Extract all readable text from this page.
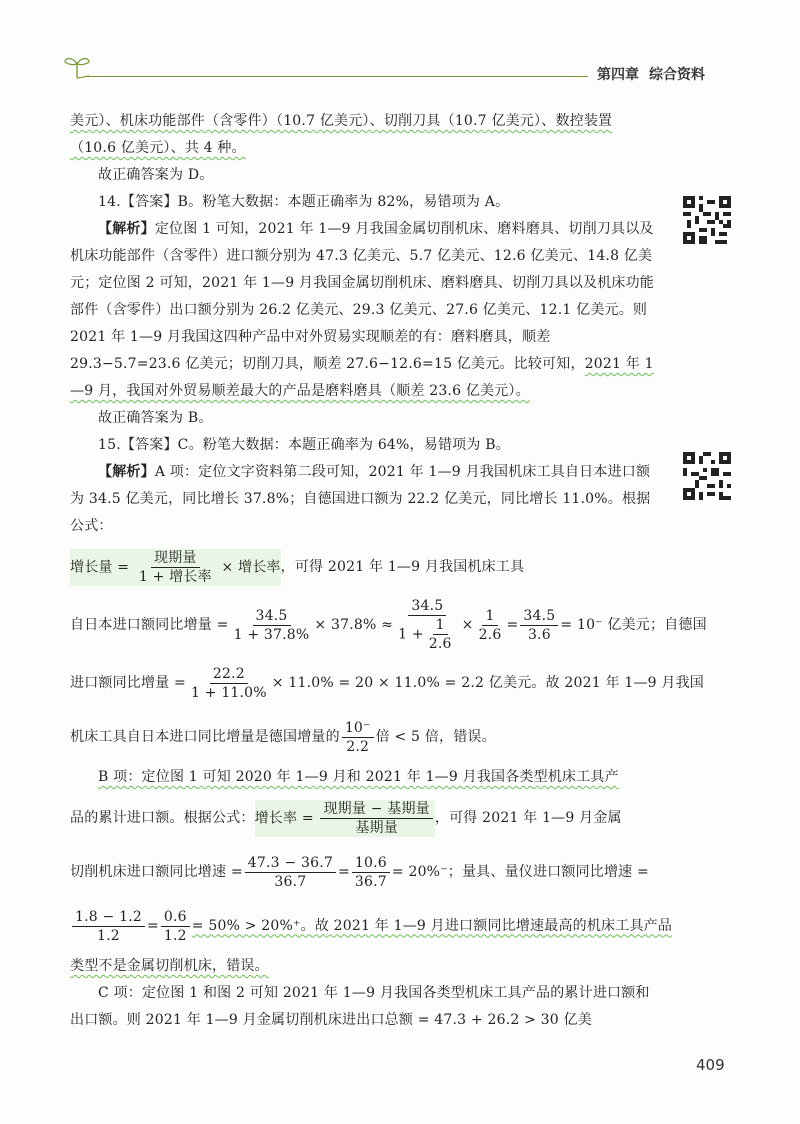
第四章 综合资料

美元）、机床功能部件（含零件）（10.7 亿美元）、切削刀具（10.7 亿美元）、数控装置（10.6 亿美元）、共 4 种。

故正确答案为 D。

14.【答案】B。粉笔大数据：本题正确率为 82%，易错项为 A。

【解析】定位图 1 可知，2021 年 1—9 月我国金属切削机床、磨料磨具、切削刀具以及机床功能部件（含零件）进口额分别为 47.3 亿美元、5.7 亿美元、12.6 亿美元、14.8 亿美元；定位图 2 可知，2021 年 1—9 月我国金属切削机床、磨料磨具、切削刀具以及机床功能部件（含零件）出口额分别为 26.2 亿美元、29.3 亿美元、27.6 亿美元、12.1 亿美元。则 2021 年 1—9 月我国这四种产品中对外贸易实现顺差的有：磨料磨具，顺差 29.3−5.7=23.6 亿美元；切削刀具，顺差 27.6−12.6=15 亿美元。比较可知，2021 年 1—9 月，我国对外贸易顺差最大的产品是磨料磨具（顺差 23.6 亿美元）。

故正确答案为 B。

15.【答案】C。粉笔大数据：本题正确率为 64%，易错项为 B。

【解析】A 项：定位文字资料第二段可知，2021 年 1—9 月我国机床工具自日本进口额为 34.5 亿美元，同比增长 37.8%；自德国进口额为 22.2 亿美元，同比增长 11.0%。根据公式：

增长量 = $\frac{\text{现期量}}{\text{1 + 增长率}}$ × 增长率 ，可得 2021 年 1—9 月我国机床工具
自日本进口额同比增量 = $\frac{34.5}{1 + 37.8\%} \times 37.8\% \approx \frac{34.5}{1 + \frac{1}{2.6}} \times \frac{1}{2.6} = \frac{34.5}{3.6} = 10^-$ 亿美元；自德国
进口额同比增量 = $\frac{22.2}{1 + 11.0\%} \times 11.0\% = 20 \times 11.0\% = 2.2$ 亿美元。故 2021 年 1—9 月我国
机床工具自日本进口同比增量是德国增量的 $\frac{10^-}{2.2}$ 倍 < 5 倍，错误。

B 项：定位图 1 可知 2020 年 1—9 月和 2021 年 1—9 月我国各类型机床工具产

品的累计进口额。根据公式： 增长率 = $\frac{\text{现期量 − 基期量}}{\text{基期量}}$ ，可得 2021 年 1—9 月金属
切削机床进口额同比增速 = $\frac{47.3 - 36.7}{36.7} = \frac{10.6}{36.7} = 20\%^-$；量具、量仪进口额同比增速 =
$\frac{1.8 - 1.2}{1.2} = \frac{0.6}{1.2} = 50\% > 20\%^+$。故 2021 年 1—9 月进口额同比增速最高的机床工具产品

类型不是金属切削机床，错误。

C 项：定位图 1 和图 2 可知 2021 年 1—9 月我国各类型机床工具产品的累计进口额和出口额。则 2021 年 1—9 月金属切削机床进出口总额 = 47.3 + 26.2 > 30 亿美

409
